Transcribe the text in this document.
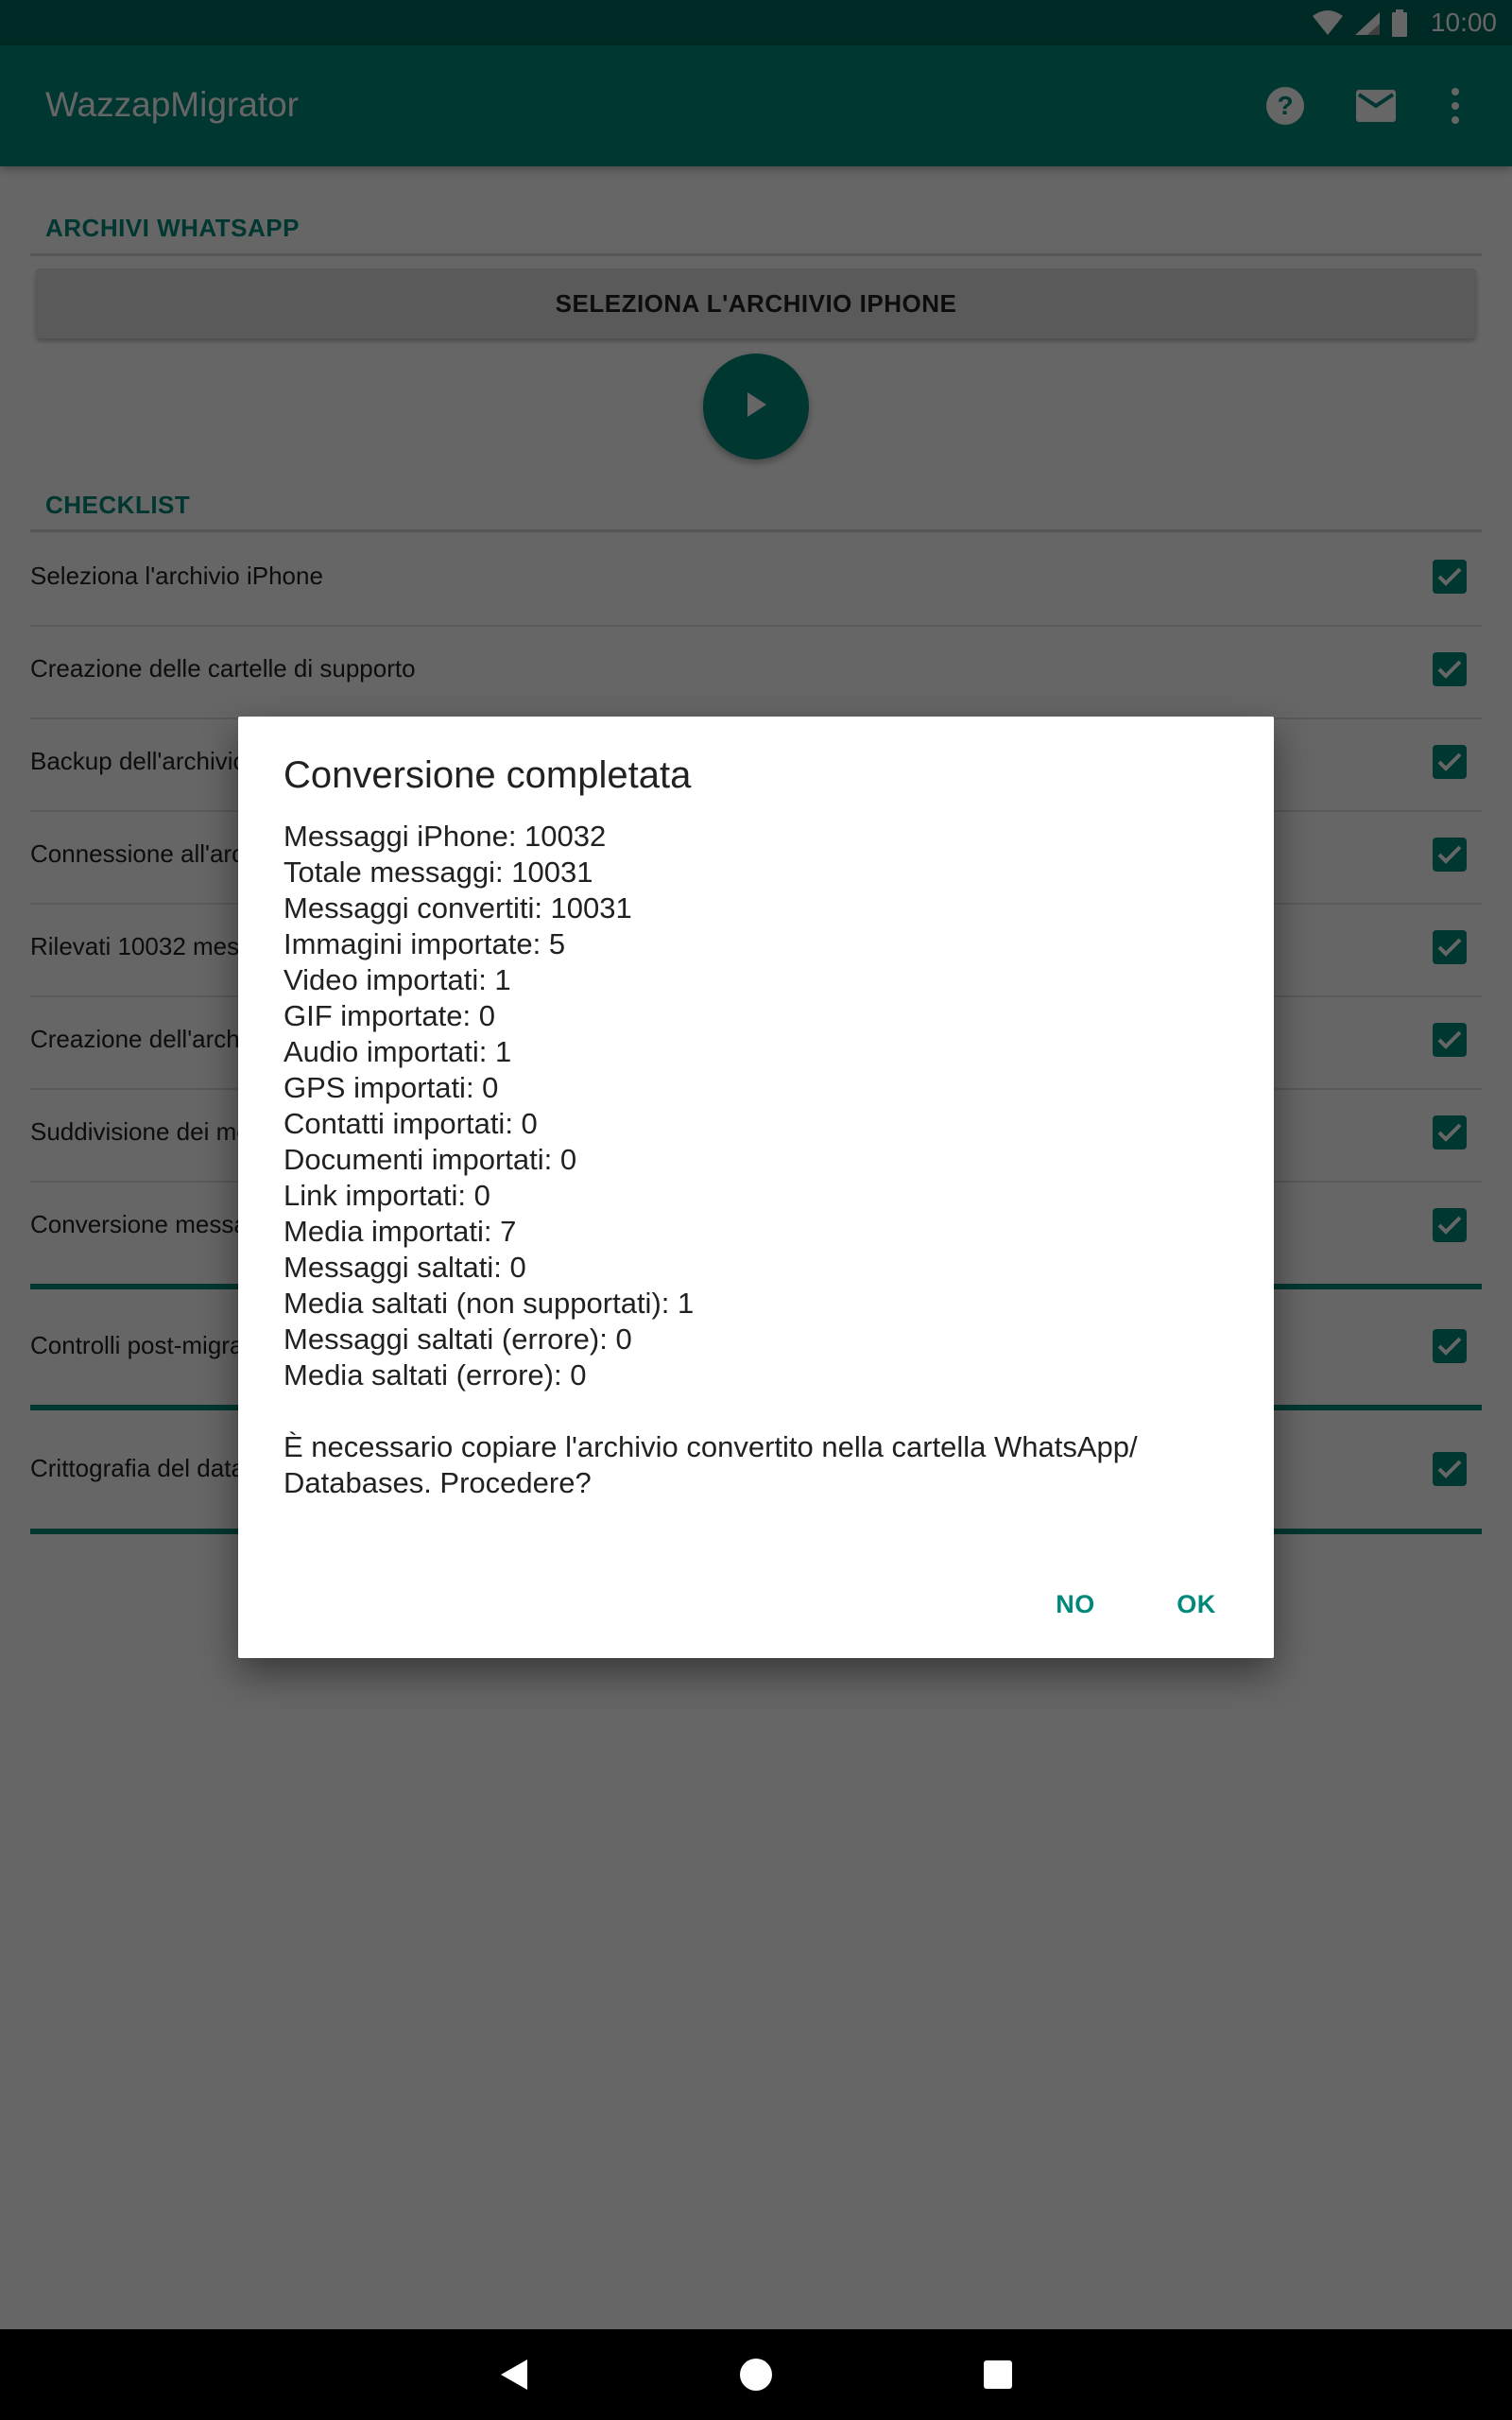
Conversione completata
Messaggi iPhone: 10032
Totale messaggi: 10031
Messaggi convertiti: 10031
Immagini importate: 5
Video importati: 1
GIF importate: 0
Audio importati: 1
GPS importati: 0
Contatti importati: 0
Documenti importati: 0
Link importati: 0
Media importati: 7
Messaggi saltati: 0
Media saltati (non supportati): 1
Messaggi saltati (errore): 0
Media saltati (errore): 0
È necessario copiare l'archivio convertito nella cartella WhatsApp/ Databases. Procedere?
NO	OK
